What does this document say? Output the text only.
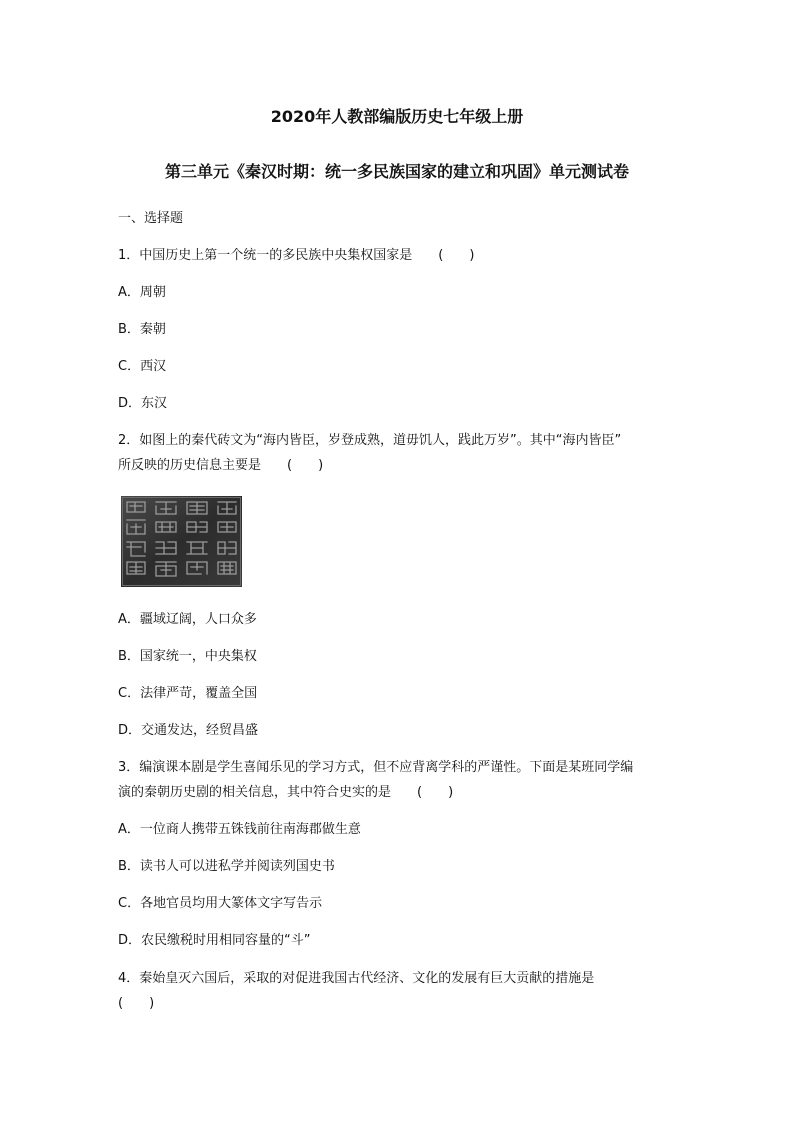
2020年人教部编版历史七年级上册
第三单元《秦汉时期：统一多民族国家的建立和巩固》单元测试卷
一、选择题
1．中国历史上第一个统一的多民族中央集权国家是　　(　　)
A．周朝
B．秦朝
C．西汉
D．东汉
2．如图上的秦代砖文为“海内皆臣，岁登成熟，道毋饥人，践此万岁”。其中“海内皆臣”
所反映的历史信息主要是　　(　　)
A．疆域辽阔，人口众多
B．国家统一，中央集权
C．法律严苛，覆盖全国
D．交通发达，经贸昌盛
3．编演课本剧是学生喜闻乐见的学习方式，但不应背离学科的严谨性。下面是某班同学编
演的秦朝历史剧的相关信息，其中符合史实的是　　(　　)
A．一位商人携带五铢钱前往南海郡做生意
B．读书人可以进私学并阅读列国史书
C．各地官员均用大篆体文字写告示
D．农民缴税时用相同容量的“斗”
4．秦始皇灭六国后，采取的对促进我国古代经济、文化的发展有巨大贡献的措施是
(　　)
